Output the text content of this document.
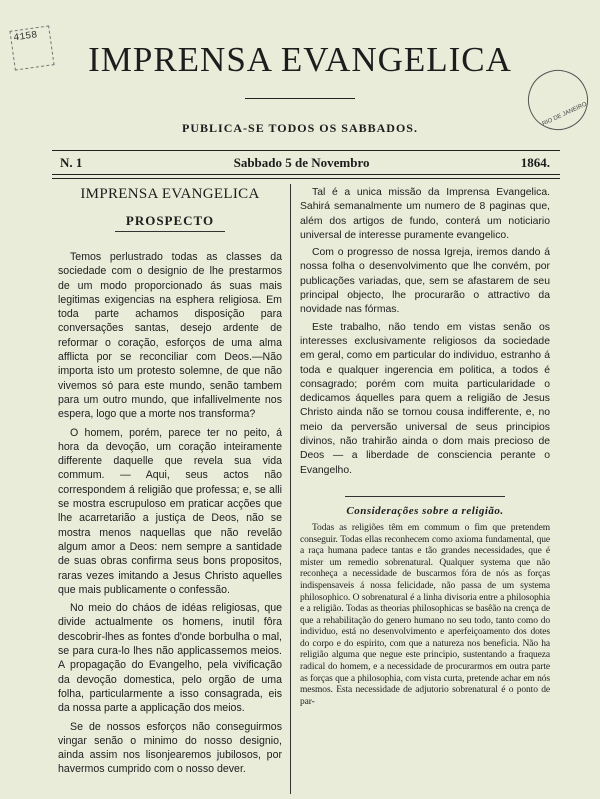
4158
RIO DE JANEIRO
IMPRENSA EVANGELICA
PUBLICA-SE TODOS OS SABBADOS.
N. 1	Sabbado 5 de Novembro	1864.
IMPRENSA EVANGELICA
PROSPECTO

Temos perlustrado todas as classes da sociedade com o designio de lhe prestarmos de um modo proporcionado ás suas mais legitimas exigencias na esphera religiosa. Em toda parte achamos disposição para conversações santas, desejo ardente de reformar o coração, esforços de uma alma afflicta por se reconciliar com Deos.—Não importa isto um protesto solemne, de que não vivemos só para este mundo, senão tambem para um outro mundo, que infallivelmente nos espera, logo que a morte nos transforma?

O homem, porém, parece ter no peito, á hora da devoção, um coração inteiramente differente daquelle que revela sua vida commum. — Aqui, seus actos não correspondem á religião que professa; e, se alli se mostra escrupuloso em praticar acções que lhe acarretarião a justiça de Deos, não se mostra menos naquellas que não revelão algum amor a Deos: nem sempre a santidade de suas obras confirma seus bons propositos, raras vezes imitando a Jesus Christo aquelles que mais publicamente o confessão.

No meio do cháos de idéas religiosas, que divide actualmente os homens, inutil fôra descobrir-lhes as fontes d'onde borbulha o mal, se para cura-lo lhes não applicassemos meios. A propagação do Evangelho, pela vivificação da devoção domestica, pelo orgão de uma folha, particularmente a isso consagrada, eis da nossa parte a applicação dos meios.

Se de nossos esforços não conseguirmos vingar senão o minimo do nosso designio, ainda assim nos lisonjearemos jubilosos, por havermos cumprido com o nosso dever.

Tal é a unica missão da Imprensa Evangelica. Sahirá semanalmente um numero de 8 paginas que, além dos artigos de fundo, conterá um noticiario universal de interesse puramente evangelico.

Com o progresso de nossa Igreja, iremos dando á nossa folha o desenvolvimento que lhe convém, por publicações variadas, que, sem se afastarem de seu principal objecto, lhe procurarão o attractivo da novidade nas fórmas.

Este trabalho, não tendo em vistas senão os interesses exclusivamente religiosos da sociedade em geral, como em particular do individuo, estranho á toda e qualquer ingerencia em politica, a todos é consagrado; porém com muita particularidade o dedicamos áquelles para quem a religião de Jesus Christo ainda não se tornou cousa indifferente, e, no meio da perversão universal de seus principios divinos, não trahirão ainda o dom mais precioso de Deos — a liberdade de consciencia perante o Evangelho.

Considerações sobre a religião.

Todas as religiões têm em commum o fim que pretendem conseguir. Todas ellas reconhecem como axioma fundamental, que a raça humana padece tantas e tão grandes necessidades, que é mister um remedio sobrenatural. Qualquer systema que não reconheça a necessidade de buscarmos fóra de nós as forças indispensaveis á nossa felicidade, não passa de um systema philosophico. O sobrenatural é a linha divisoria entre a philosophia e a religião. Todas as theorias philosophicas se basêão na crença de que a rehabilitação do genero humano no seu todo, tanto como do individuo, está no desenvolvimento e aperfeiçoamento dos dotes do corpo e do espirito, com que a natureza nos beneficia. Não ha religião alguma que negue este principio, sustentando a fraqueza radical do homem, e a necessidade de procurarmos em outra parte as forças que a philosophia, com vista curta, pretende achar em nós mesmos. Esta necessidade de adjutorio sobrenatural é o ponto de par-
